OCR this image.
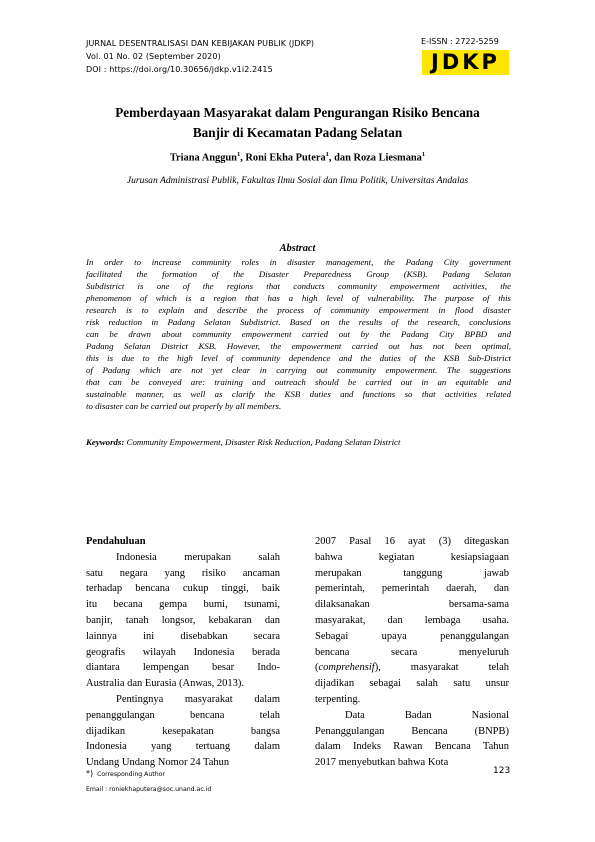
JURNAL DESENTRALISASI DAN KEBIJAKAN PUBLIK (JDKP)
Vol. 01 No. 02 (September 2020)
DOI : https://doi.org/10.30656/jdkp.v1i2.2415
E-ISSN : 2722-5259
JDKP
Pemberdayaan Masyarakat dalam Pengurangan Risiko Bencana
Banjir di Kecamatan Padang Selatan
Triana Anggun$^1$, Roni Ekha Putera$^1$, dan Roza Liesmana$^1$
Jurusan Administrasi Publik, Fakultas Ilmu Sosial dan Ilmu Politik, Universitas Andalas
Abstract
In order to increase community roles in disaster management, the Padang City government
facilitated the formation of the Disaster Preparedness Group (KSB). Padang Selatan
Subdistrict is one of the regions that conducts community empowerment activities, the
phenomenon of which is a region that has a high level of vulnerability. The purpose of this
research is to explain and describe the process of community empowerment in flood disaster
risk reduction in Padang Selatan Subdistrict. Based on the results of the research, conclusions
can be drawn about community empowerment carried out by the Padang City BPBD and
Padang Selatan District KSB. However, the empowerment carried out has not been optimal,
this is due to the high level of community dependence and the duties of the KSB Sub-District
of Padang which are not yet clear in carrying out community empowerment. The suggestions
that can be conveyed are: training and outreach should be carried out in an equitable and
sustainable manner, as well as clarify the KSB duties and functions so that activities related
to disaster can be carried out properly by all members.
Keywords: Community Empowerment, Disaster Risk Reduction, Padang Selatan District
Pendahuluan
Indonesia merupakan salah
satu negara yang risiko ancaman
terhadap bencana cukup tinggi, baik
itu becana gempa bumi, tsunami,
banjir, tanah longsor, kebakaran dan
lainnya ini disebabkan secara
geografis wilayah Indonesia berada
diantara lempengan besar Indo-
Australia dan Eurasia (Anwas, 2013).
Pentingnya masyarakat dalam
penanggulangan bencana telah
dijadikan kesepakatan bangsa
Indonesia yang tertuang dalam
Undang Undang Nomor 24 Tahun
2007 Pasal 16 ayat (3) ditegaskan
bahwa kegiatan kesiapsiagaan
merupakan tanggung jawab
pemerintah, pemerintah daerah, dan
dilaksanakan bersama-sama
masyarakat, dan lembaga usaha.
Sebagai upaya penanggulangan
bencana secara menyeluruh
(comprehensif), masyarakat telah
dijadikan sebagai salah satu unsur
terpenting.
Data Badan Nasional
Penanggulangan Bencana (BNPB)
dalam Indeks Rawan Bencana Tahun
2017 menyebutkan bahwa Kota
*) Corresponding Author
Email : roniekhaputera@soc.unand.ac.id
123
